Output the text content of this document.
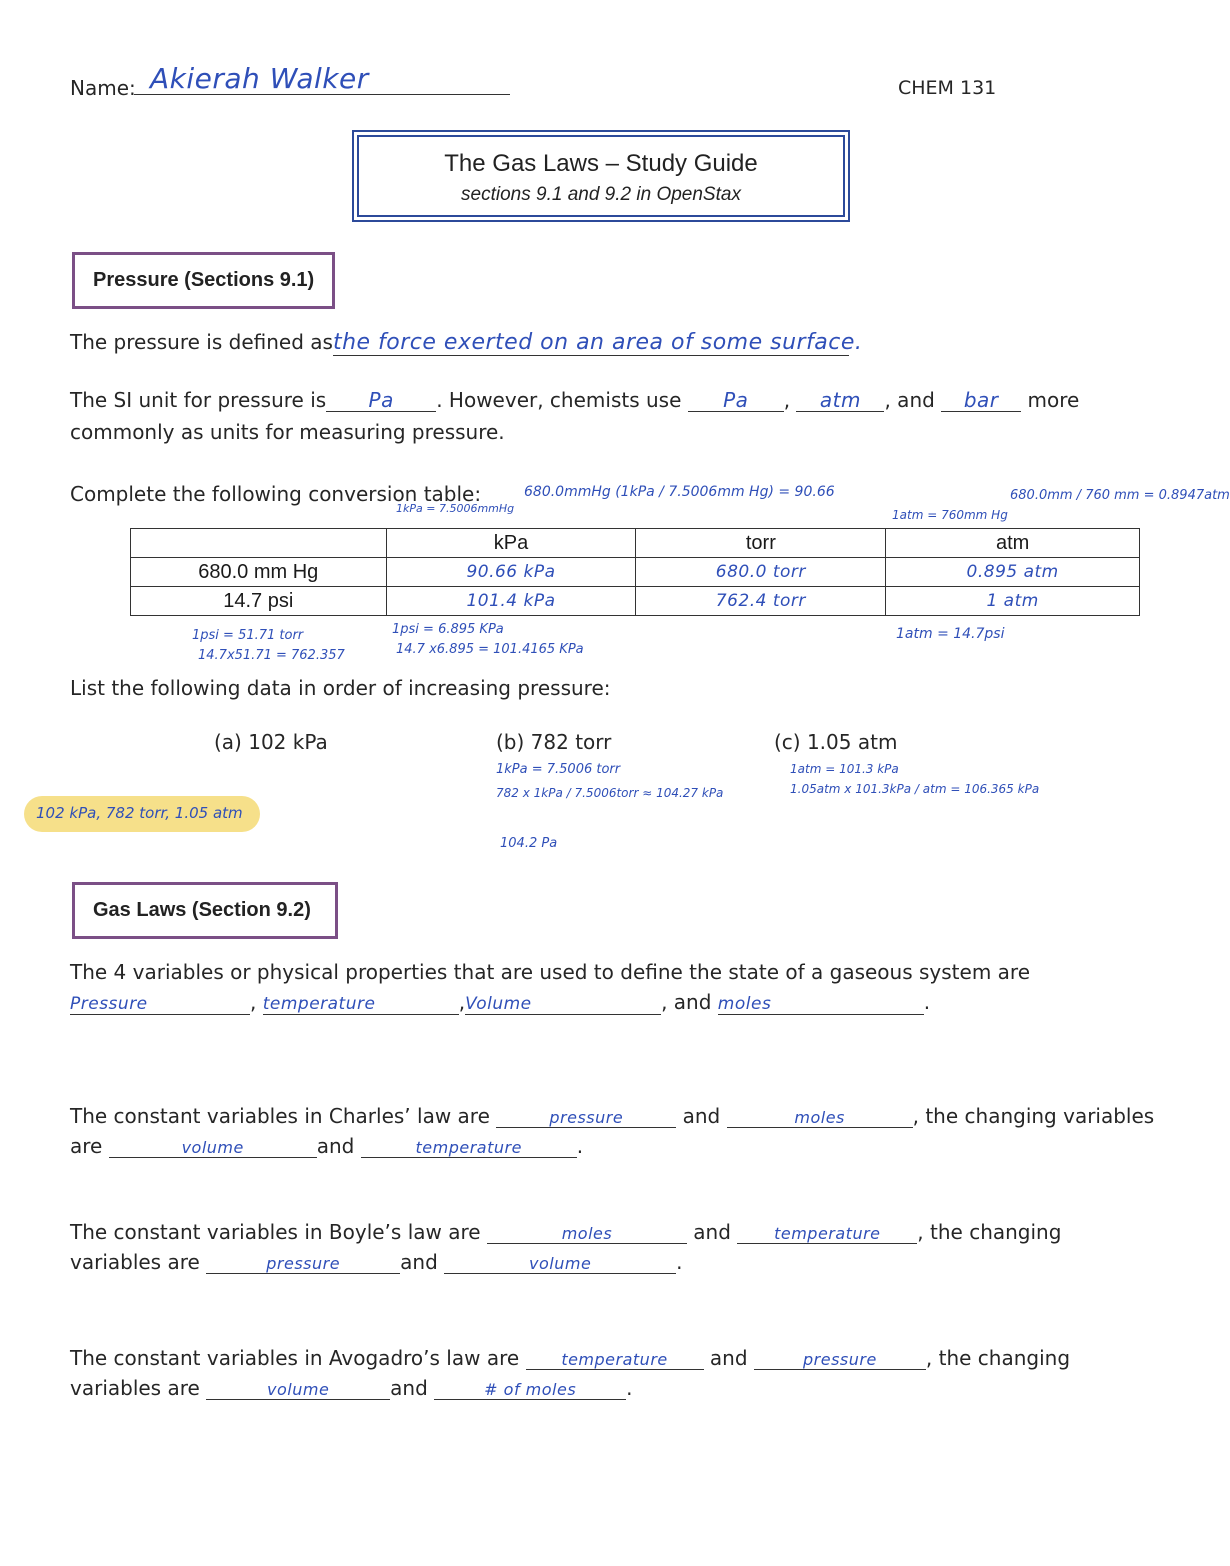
Name: Akierah Walker	CHEM 131
The Gas Laws – Study Guide
sections 9.1 and 9.2 in OpenStax
Pressure (Sections 9.1)
The pressure is defined asthe force exerted on an area of some surface.
The SI unit for pressure is Pa . However, chemists use Pa , atm , and bar more
commonly as units for measuring pressure.
Complete the following conversion table:
1kPa = 7.5006mmHg
680.0mmHg (1kPa / 7.5006mm Hg) = 90.66
1atm = 760mm Hg
680.0mm / 760 mm = 0.8947atm
	kPa	torr	atm
680.0 mm Hg	90.66 kPa	680.0 torr	0.895 atm
14.7 psi	101.4 kPa	762.4 torr	1 atm
1psi = 51.71 torr
14.7x51.71 = 762.357
1psi = 6.895 KPa
14.7 x6.895 = 101.4165 KPa
1atm = 14.7psi
List the following data in order of increasing pressure:
(a) 102 kPa	(b) 782 torr	(c) 1.05 atm
1kPa = 7.5006 torr
782 x 1kPa / 7.5006torr ≈ 104.27 kPa
104.2 Pa
1atm = 101.3 kPa
1.05atm x 101.3kPa / atm = 106.365 kPa
102 kPa, 782 torr, 1.05 atm
Gas Laws (Section 9.2)
The 4 variables or physical properties that are used to define the state of a gaseous system are
Pressure	, temperature	,Volume	, and moles	.
The constant variables in Charles’ law are	pressure	and	moles	, the changing variables
are	volume	and	temperature	.
The constant variables in Boyle’s law are	moles	and	temperature , the changing
variables are	pressure	and	volume	.
The constant variables in Avogadro’s law are	temperature and	pressure , the changing
variables are	volume	and	# of moles	.
